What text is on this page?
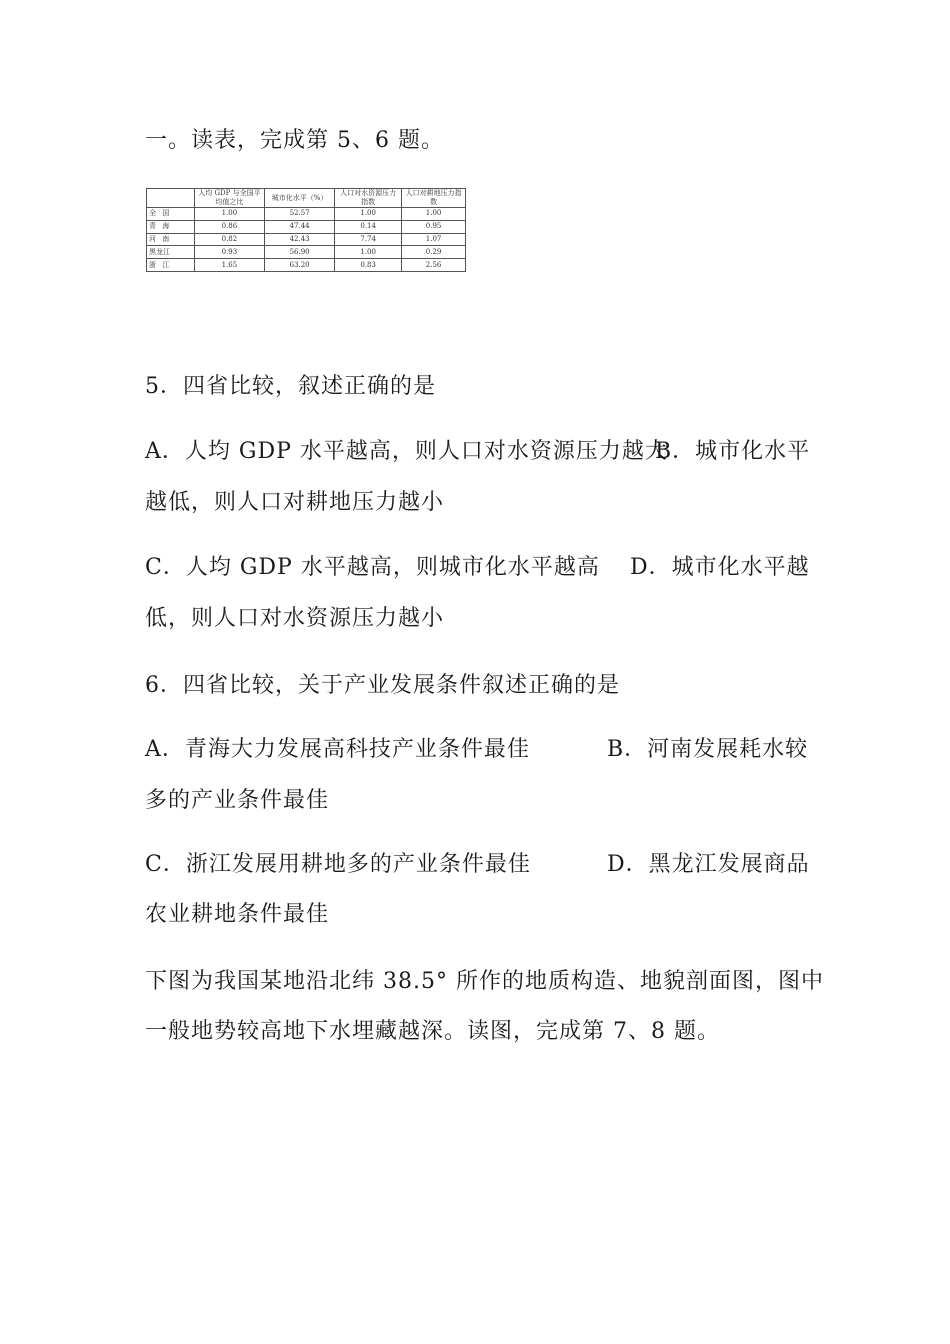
一。读表，完成第 5、6 题。
	人均 GDP 与全国平均值之比	城市化水平（%）	人口对水资源压力指数	人口对耕地压力指数
全 国	1.00	52.57	1.00	1.00
青 海	0.86	47.44	0.14	0.95
河 南	0.82	42.43	7.74	1.07
黑龙江	0.93	56.90	1.00	0.29
浙 江	1.65	63.20	0.83	2.56
5．四省比较，叙述正确的是
A．人均 GDP 水平越高，则人口对水资源压力越大
B．城市化水平
越低，则人口对耕地压力越小
C．人均 GDP 水平越高，则城市化水平越高 D．城市化水平越
低，则人口对水资源压力越小
6．四省比较，关于产业发展条件叙述正确的是
A．青海大力发展高科技产业条件最佳	B．河南发展耗水较
多的产业条件最佳
C．浙江发展用耕地多的产业条件最佳	D．黑龙江发展商品
农业耕地条件最佳
下图为我国某地沿北纬 38.5° 所作的地质构造、地貌剖面图，图中
一般地势较高地下水埋藏越深。读图，完成第 7、8 题。
